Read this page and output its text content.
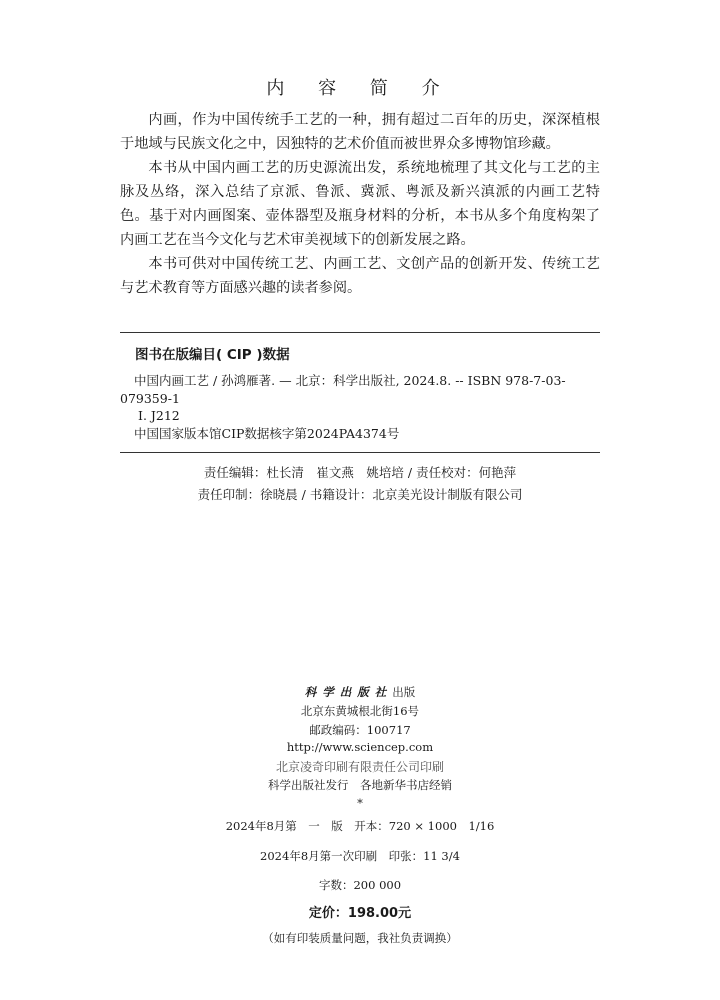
内 容 简 介

内画，作为中国传统手工艺的一种，拥有超过二百年的历史，深深植根于地域与民族文化之中，因独特的艺术价值而被世界众多博物馆珍藏。

本书从中国内画工艺的历史源流出发，系统地梳理了其文化与工艺的主脉及丛络，深入总结了京派、鲁派、冀派、粤派及新兴滇派的内画工艺特色。基于对内画图案、壶体器型及瓶身材料的分析，本书从多个角度构架了内画工艺在当今文化与艺术审美视域下的创新发展之路。

本书可供对中国传统工艺、内画工艺、文创产品的创新开发、传统工艺与艺术教育等方面感兴趣的读者参阅。

图书在版编目( CIP )数据
中国内画工艺 / 孙鸿雁著. — 北京：科学出版社, 2024.8. -- ISBN 978-7-03-
079359-1
Ⅰ. J212
中国国家版本馆CIP数据核字第2024PA4374号
责任编辑：杜长清　崔文燕　姚培培 / 责任校对：何艳萍
责任印制：徐晓晨 / 书籍设计：北京美光设计制版有限公司
科学出版社出版
北京东黄城根北街16号
邮政编码：100717
http://www.sciencep.com
北京凌奇印刷有限责任公司印刷
科学出版社发行　各地新华书店经销
*
2024年8月第　一　版　开本：720 × 1000　1/16
2024年8月第一次印刷　印张：11 3/4
字数：200 000
定价：198.00元
（如有印装质量问题，我社负责调换）
